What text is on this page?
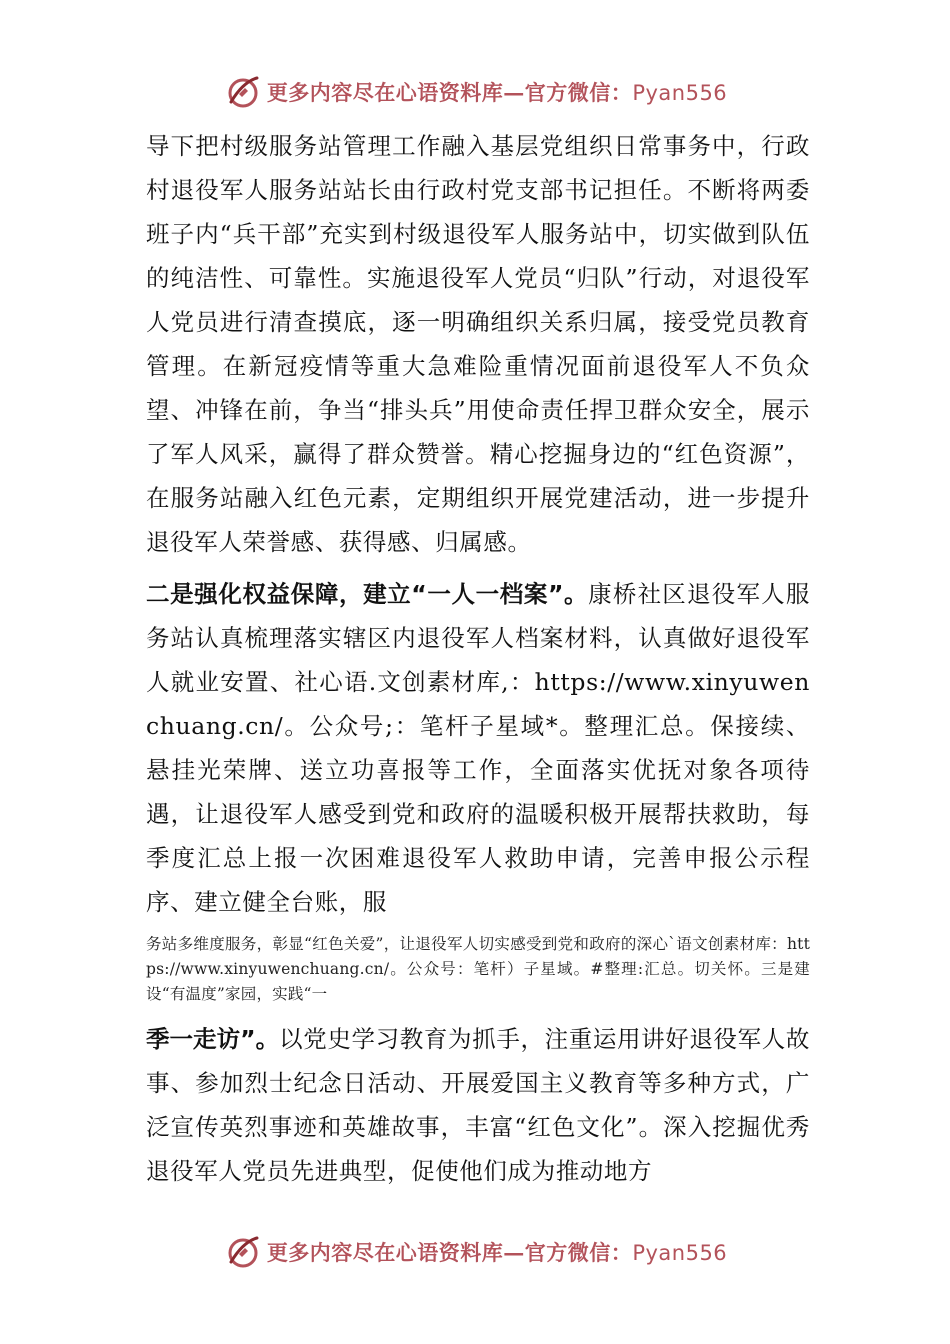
更多内容尽在心语资料库—官方微信：Pyan556

导下把村级服务站管理工作融入基层党组织日常事务中，行政村退役军人服务站站长由行政村党支部书记担任。不断将两委班子内“兵干部”充实到村级退役军人服务站中，切实做到队伍的纯洁性、可靠性。实施退役军人党员“归队”行动，对退役军人党员进行清查摸底，逐一明确组织关系归属，接受党员教育管理。在新冠疫情等重大急难险重情况面前退役军人不负众望、冲锋在前，争当“排头兵”用使命责任捍卫群众安全，展示了军人风采，赢得了群众赞誉。精心挖掘身边的“红色资源”，在服务站融入红色元素，定期组织开展党建活动，进一步提升退役军人荣誉感、获得感、归属感。

二是强化权益保障，建立“一人一档案”。康桥社区退役军人服务站认真梳理落实辖区内退役军人档案材料，认真做好退役军人就业安置、社心语.文创素材库,：https://www.xinyuwenchuang.cn/。公众号;：笔杆子星域*。整理汇总。保接续、悬挂光荣牌、送立功喜报等工作，全面落实优抚对象各项待遇，让退役军人感受到党和政府的温暖积极开展帮扶救助，每季度汇总上报一次困难退役军人救助申请，完善申报公示程序、建立健全台账，服

务站多维度服务，彰显“红色关爱”，让退役军人切实感受到党和政府的深心`语文创素材库：https://www.xinyuwenchuang.cn/。公众号：笔杆）子星域。#整理:汇总。切关怀。三是建设“有温度”家园，实践“一

季一走访”。以党史学习教育为抓手，注重运用讲好退役军人故事、参加烈士纪念日活动、开展爱国主义教育等多种方式，广泛宣传英烈事迹和英雄故事，丰富“红色文化”。深入挖掘优秀退役军人党员先进典型，促使他们成为推动地方

更多内容尽在心语资料库—官方微信：Pyan556
